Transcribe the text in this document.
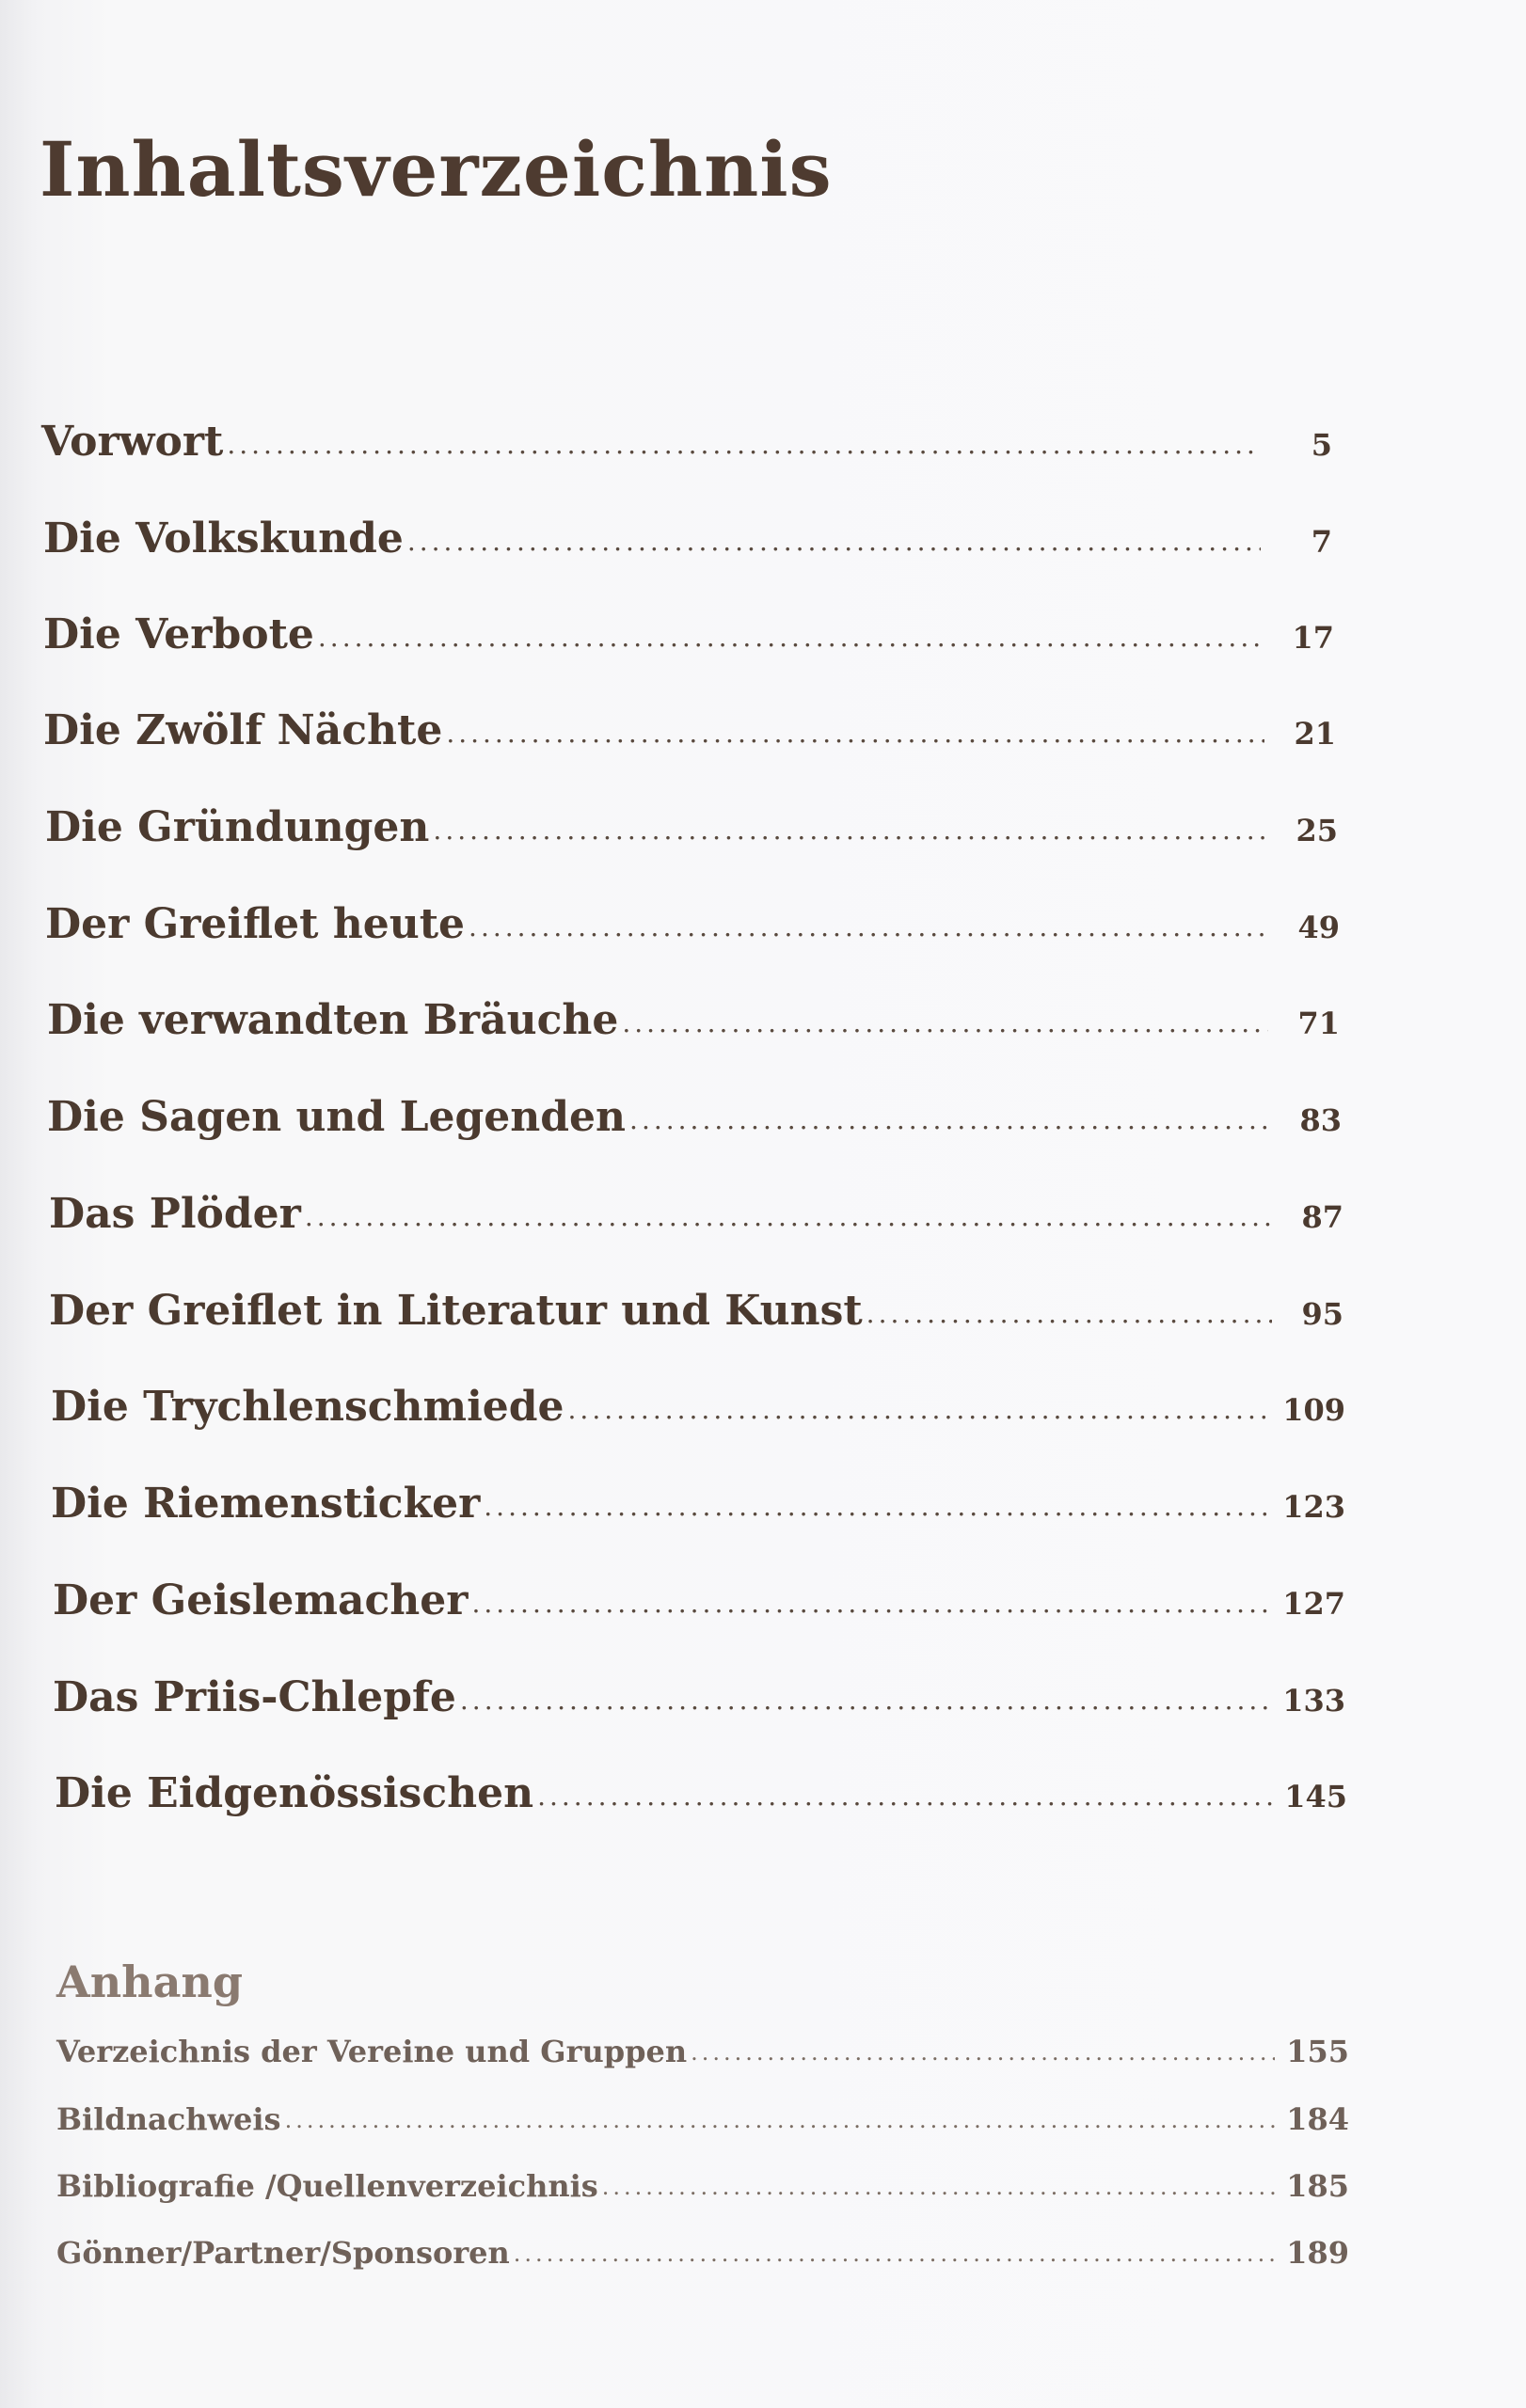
Inhaltsverzeichnis
Vorwort .....	5
Die Volkskunde .....	7
Die Verbote .....	17
Die Zwölf Nächte .....	21
Die Gründungen .....	25
Der Greiflet heute .....	49
Die verwandten Bräuche .....	71
Die Sagen und Legenden .....	83
Das Plöder .....	87
Der Greiflet in Literatur und Kunst .....	95
Die Trychlenschmiede .....	109
Die Riemensticker .....	123
Der Geislemacher .....	127
Das Priis-Chlepfe .....	133
Die Eidgenössischen .....	145
Anhang
Verzeichnis der Vereine und Gruppen .....	155
Bildnachweis .....	184
Bibliografie /Quellenverzeichnis .....	185
Gönner/Partner/Sponsoren .....	189
